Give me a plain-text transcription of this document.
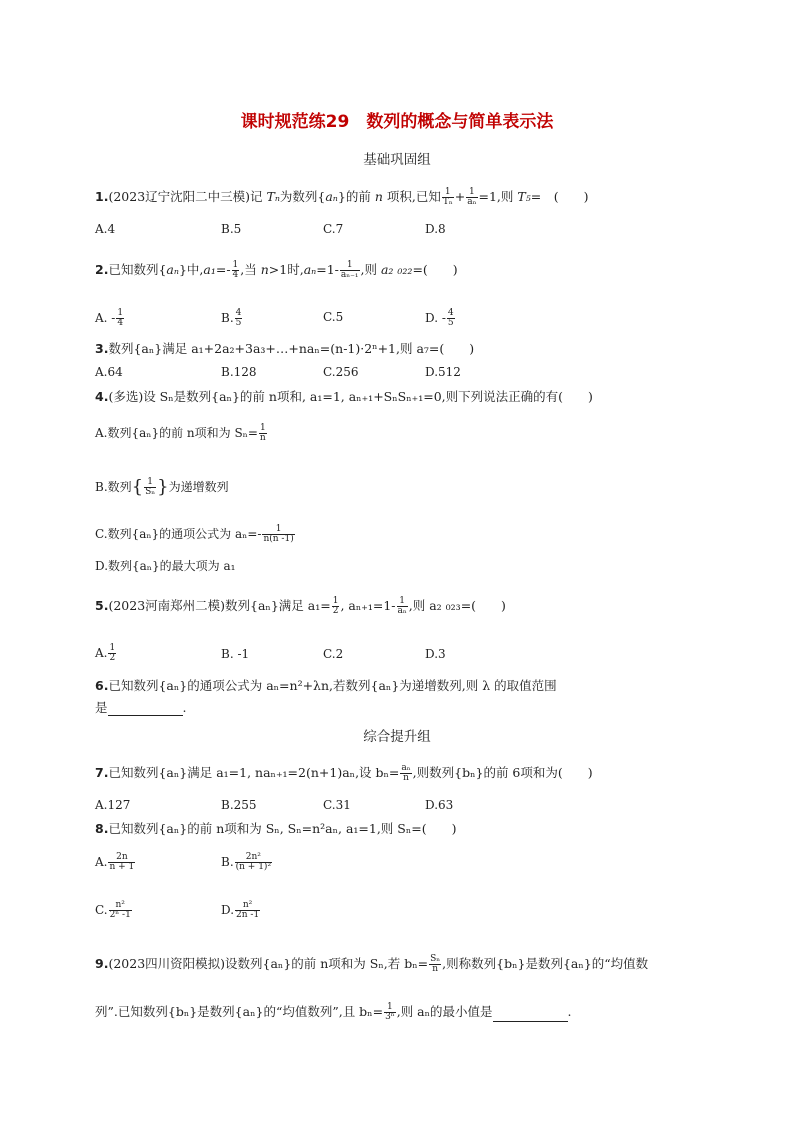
课时规范练29　数列的概念与简单表示法
基础巩固组
1.(2023辽宁沈阳二中三模)记 Tₙ为数列{aₙ}的前 n 项积,已知 $\frac{1}{\text{Tₙ}} + \frac{1}{\text{aₙ}} =1$,则 T₅=　(　　)
A.4	B.5	C.7	D.8
2.已知数列{aₙ}中$,a_1=- \frac{1}{4}$ ,当 n>1时$,a_n=1- \frac{1}{\text{aₙ₋₁}}$ ,则 a₂ ₀₂₂=(　　)
A. - $\frac{1}{4}$	B. $\frac{4}{5}$	C.5	D. - $\frac{4}{5}$
3.数列{aₙ}满足 a₁+2a₂+3a₃+…+naₙ=(n-1)·2ⁿ+1,则 a₇=(　　)
A.64	B.128	C.256	D.512
4.(多选)设 Sₙ是数列{aₙ}的前 n项和, a₁=1, aₙ₊₁+SₙSₙ₊₁=0,则下列说法正确的有(　　)
A.数列{aₙ}的前 n项和为 $S_n= \frac{1}{n}$
B.数列{ $\frac{1}{\text{Sₙ}}$ }为递增数列
C.数列{aₙ}的通项公式为 $a_n=- \frac{1}{n(n -1)}$
D.数列{aₙ}的最大项为 a₁
5.(2023河南郑州二模)数列{aₙ}满足 $a_1= \frac{1}{2}$ , $a_{n+1}=1- \frac{1}{\text{aₙ}}$ ,则 a₂ ₀₂₃=(　　)
A. $\frac{1}{2}$	B. -1	C.2	D.3
6.已知数列{aₙ}的通项公式为 aₙ=n²+λn,若数列{aₙ}为递增数列,则 λ 的取值范围
是	.
综合提升组
7.已知数列{aₙ}满足 a₁=1, naₙ₊₁=2(n+1)aₙ,设 $b_n= \frac{\text{aₙ}}{n}$ ,则数列{bₙ}的前 6项和为(　　)
A.127	B.255	C.31	D.63
8.已知数列{aₙ}的前 n项和为 Sₙ, Sₙ=n²aₙ, a₁=1,则 Sₙ=(　　)
A. $\frac{2n}{n + 1}$	B. $\frac{\text{2n²}}{\text{(n + 1)²}}$
C. $\frac{\text{n²}}{\text{2ⁿ -1}}$	D. $\frac{\text{n²}}{2n -1}$
9.(2023四川资阳模拟)设数列{aₙ}的前 n项和为 Sₙ,若 $b_n= \frac{\text{Sₙ}}{n}$ ,则称数列{bₙ}是数列{aₙ}的“均值数
列”.已知数列{bₙ}是数列{aₙ}的“均值数列”,且 $b_n= \frac{1}{\text{3ⁿ}}$ ,则 aₙ的最小值是	.
